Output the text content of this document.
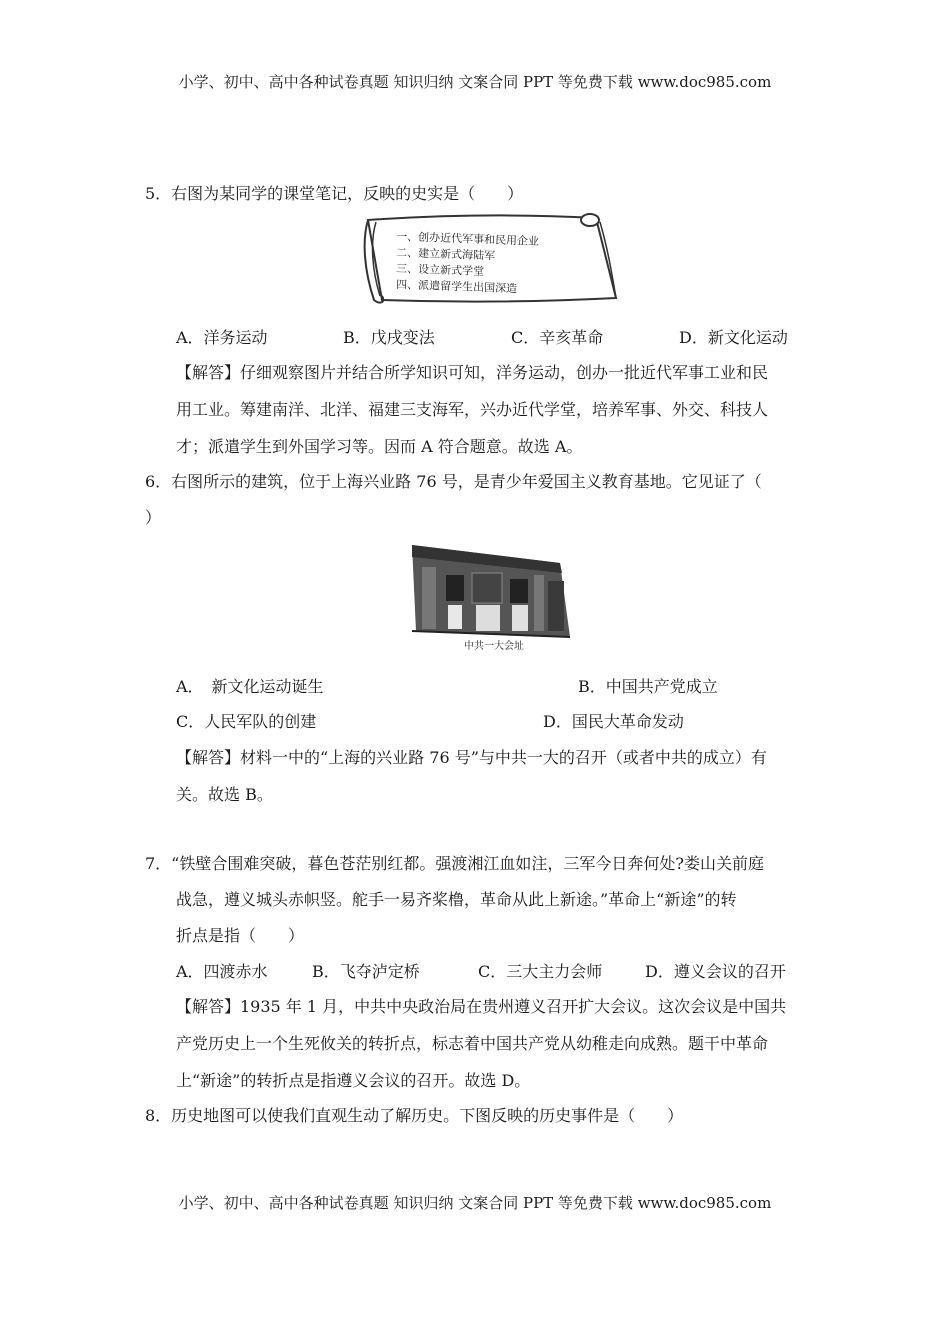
小学、初中、高中各种试卷真题 知识归纳 文案合同 PPT 等免费下载 www.doc985.com
5．右图为某同学的课堂笔记，反映的史实是（　　）
一、创办近代军事和民用企业
二、建立新式海陆军
三、设立新式学堂
四、派遣留学生出国深造
A．洋务运动	B．戊戌变法	C．辛亥革命	D．新文化运动
【解答】仔细观察图片并结合所学知识可知，洋务运动，创办一批近代军事工业和民
用工业。筹建南洋、北洋、福建三支海军，兴办近代学堂，培养军事、外交、科技人
才；派遣学生到外国学习等。因而 A 符合题意。故选 A。
6．右图所示的建筑，位于上海兴业路 76 号，是青少年爱国主义教育基地。它见证了（
）
中共一大会址
A．　新文化运动诞生	B．中国共产党成立
C．人民军队的创建	D．国民大革命发动
【解答】材料一中的“上海的兴业路 76 号”与中共一大的召开（或者中共的成立）有
关。故选 B。
7．“铁壁合围难突破，暮色苍茫别红都。强渡湘江血如注，三军今日奔何处?娄山关前庭
战急，遵义城头赤帜竖。舵手一易齐桨橹，革命从此上新途。”革命上“新途”的转
折点是指（　　）
A．四渡赤水	B．飞夺泸定桥	C．三大主力会师	D．遵义会议的召开
【解答】1935 年 1 月，中共中央政治局在贵州遵义召开扩大会议。这次会议是中国共
产党历史上一个生死攸关的转折点，标志着中国共产党从幼稚走向成熟。题干中革命
上“新途”的转折点是指遵义会议的召开。故选 D。
8．历史地图可以使我们直观生动了解历史。下图反映的历史事件是（　　）
小学、初中、高中各种试卷真题 知识归纳 文案合同 PPT 等免费下载 www.doc985.com
